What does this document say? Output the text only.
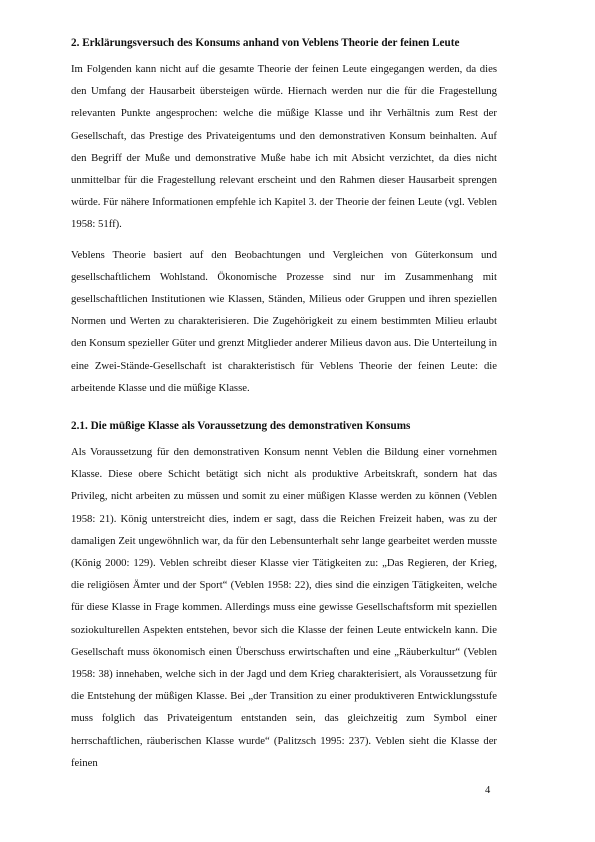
2. Erklärungsversuch des Konsums anhand von Veblens Theorie der feinen Leute

Im Folgenden kann nicht auf die gesamte Theorie der feinen Leute eingegangen werden, da dies den Umfang der Hausarbeit übersteigen würde. Hiernach werden nur die für die Fragestellung relevanten Punkte angesprochen: welche die müßige Klasse und ihr Verhältnis zum Rest der Gesellschaft, das Prestige des Privateigentums und den demonstrativen Konsum beinhalten. Auf den Begriff der Muße und demonstrative Muße habe ich mit Absicht verzichtet, da dies nicht unmittelbar für die Fragestellung relevant erscheint und den Rahmen dieser Hausarbeit sprengen würde. Für nähere Informationen empfehle ich Kapitel 3. der Theorie der feinen Leute (vgl. Veblen 1958: 51ff).

Veblens Theorie basiert auf den Beobachtungen und Vergleichen von Güterkonsum und gesellschaftlichem Wohlstand. Ökonomische Prozesse sind nur im Zusammenhang mit gesellschaftlichen Institutionen wie Klassen, Ständen, Milieus oder Gruppen und ihren speziellen Normen und Werten zu charakterisieren. Die Zugehörigkeit zu einem bestimmten Milieu erlaubt den Konsum spezieller Güter und grenzt Mitglieder anderer Milieus davon aus. Die Unterteilung in eine Zwei-Stände-Gesellschaft ist charakteristisch für Veblens Theorie der feinen Leute: die arbeitende Klasse und die müßige Klasse.

2.1. Die müßige Klasse als Voraussetzung des demonstrativen Konsums

Als Voraussetzung für den demonstrativen Konsum nennt Veblen die Bildung einer vornehmen Klasse. Diese obere Schicht betätigt sich nicht als produktive Arbeitskraft, sondern hat das Privileg, nicht arbeiten zu müssen und somit zu einer müßigen Klasse werden zu können (Veblen 1958: 21). König unterstreicht dies, indem er sagt, dass die Reichen Freizeit haben, was zu der damaligen Zeit ungewöhnlich war, da für den Lebensunterhalt sehr lange gearbeitet werden musste (König 2000: 129). Veblen schreibt dieser Klasse vier Tätigkeiten zu: „Das Regieren, der Krieg, die religiösen Ämter und der Sport“ (Veblen 1958: 22), dies sind die einzigen Tätigkeiten, welche für diese Klasse in Frage kommen. Allerdings muss eine gewisse Gesellschaftsform mit speziellen soziokulturellen Aspekten entstehen, bevor sich die Klasse der feinen Leute entwickeln kann. Die Gesellschaft muss ökonomisch einen Überschuss erwirtschaften und eine „Räuberkultur“ (Veblen 1958: 38) innehaben, welche sich in der Jagd und dem Krieg charakterisiert, als Voraussetzung für die Entstehung der müßigen Klasse. Bei „der Transition zu einer produktiveren Entwicklungsstufe muss folglich das Privateigentum entstanden sein, das gleichzeitig zum Symbol einer herrschaftlichen, räuberischen Klasse wurde“ (Palitzsch 1995: 237). Veblen sieht die Klasse der feinen

4
